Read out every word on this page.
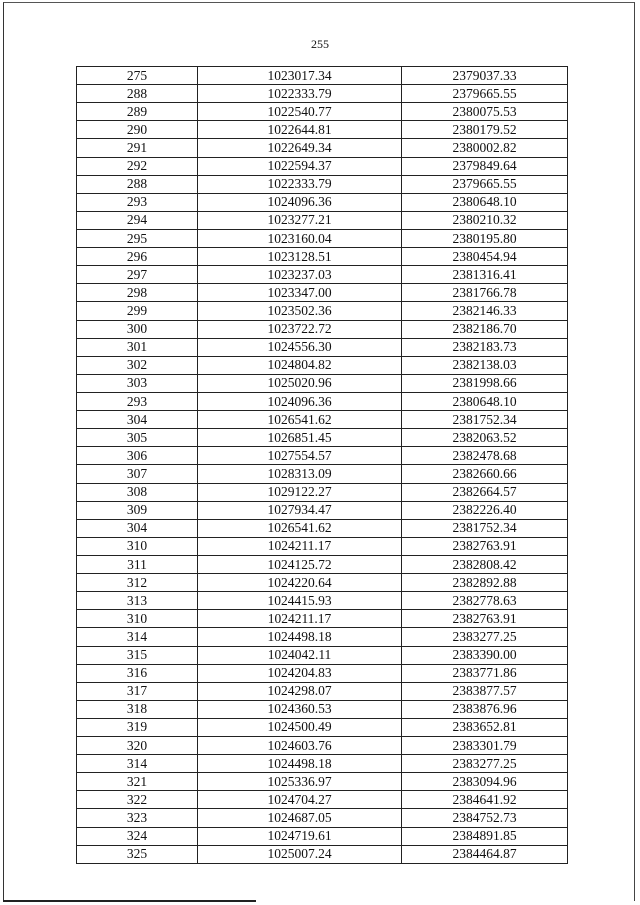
255
275	1023017.34	2379037.33
288	1022333.79	2379665.55
289	1022540.77	2380075.53
290	1022644.81	2380179.52
291	1022649.34	2380002.82
292	1022594.37	2379849.64
288	1022333.79	2379665.55
293	1024096.36	2380648.10
294	1023277.21	2380210.32
295	1023160.04	2380195.80
296	1023128.51	2380454.94
297	1023237.03	2381316.41
298	1023347.00	2381766.78
299	1023502.36	2382146.33
300	1023722.72	2382186.70
301	1024556.30	2382183.73
302	1024804.82	2382138.03
303	1025020.96	2381998.66
293	1024096.36	2380648.10
304	1026541.62	2381752.34
305	1026851.45	2382063.52
306	1027554.57	2382478.68
307	1028313.09	2382660.66
308	1029122.27	2382664.57
309	1027934.47	2382226.40
304	1026541.62	2381752.34
310	1024211.17	2382763.91
311	1024125.72	2382808.42
312	1024220.64	2382892.88
313	1024415.93	2382778.63
310	1024211.17	2382763.91
314	1024498.18	2383277.25
315	1024042.11	2383390.00
316	1024204.83	2383771.86
317	1024298.07	2383877.57
318	1024360.53	2383876.96
319	1024500.49	2383652.81
320	1024603.76	2383301.79
314	1024498.18	2383277.25
321	1025336.97	2383094.96
322	1024704.27	2384641.92
323	1024687.05	2384752.73
324	1024719.61	2384891.85
325	1025007.24	2384464.87
